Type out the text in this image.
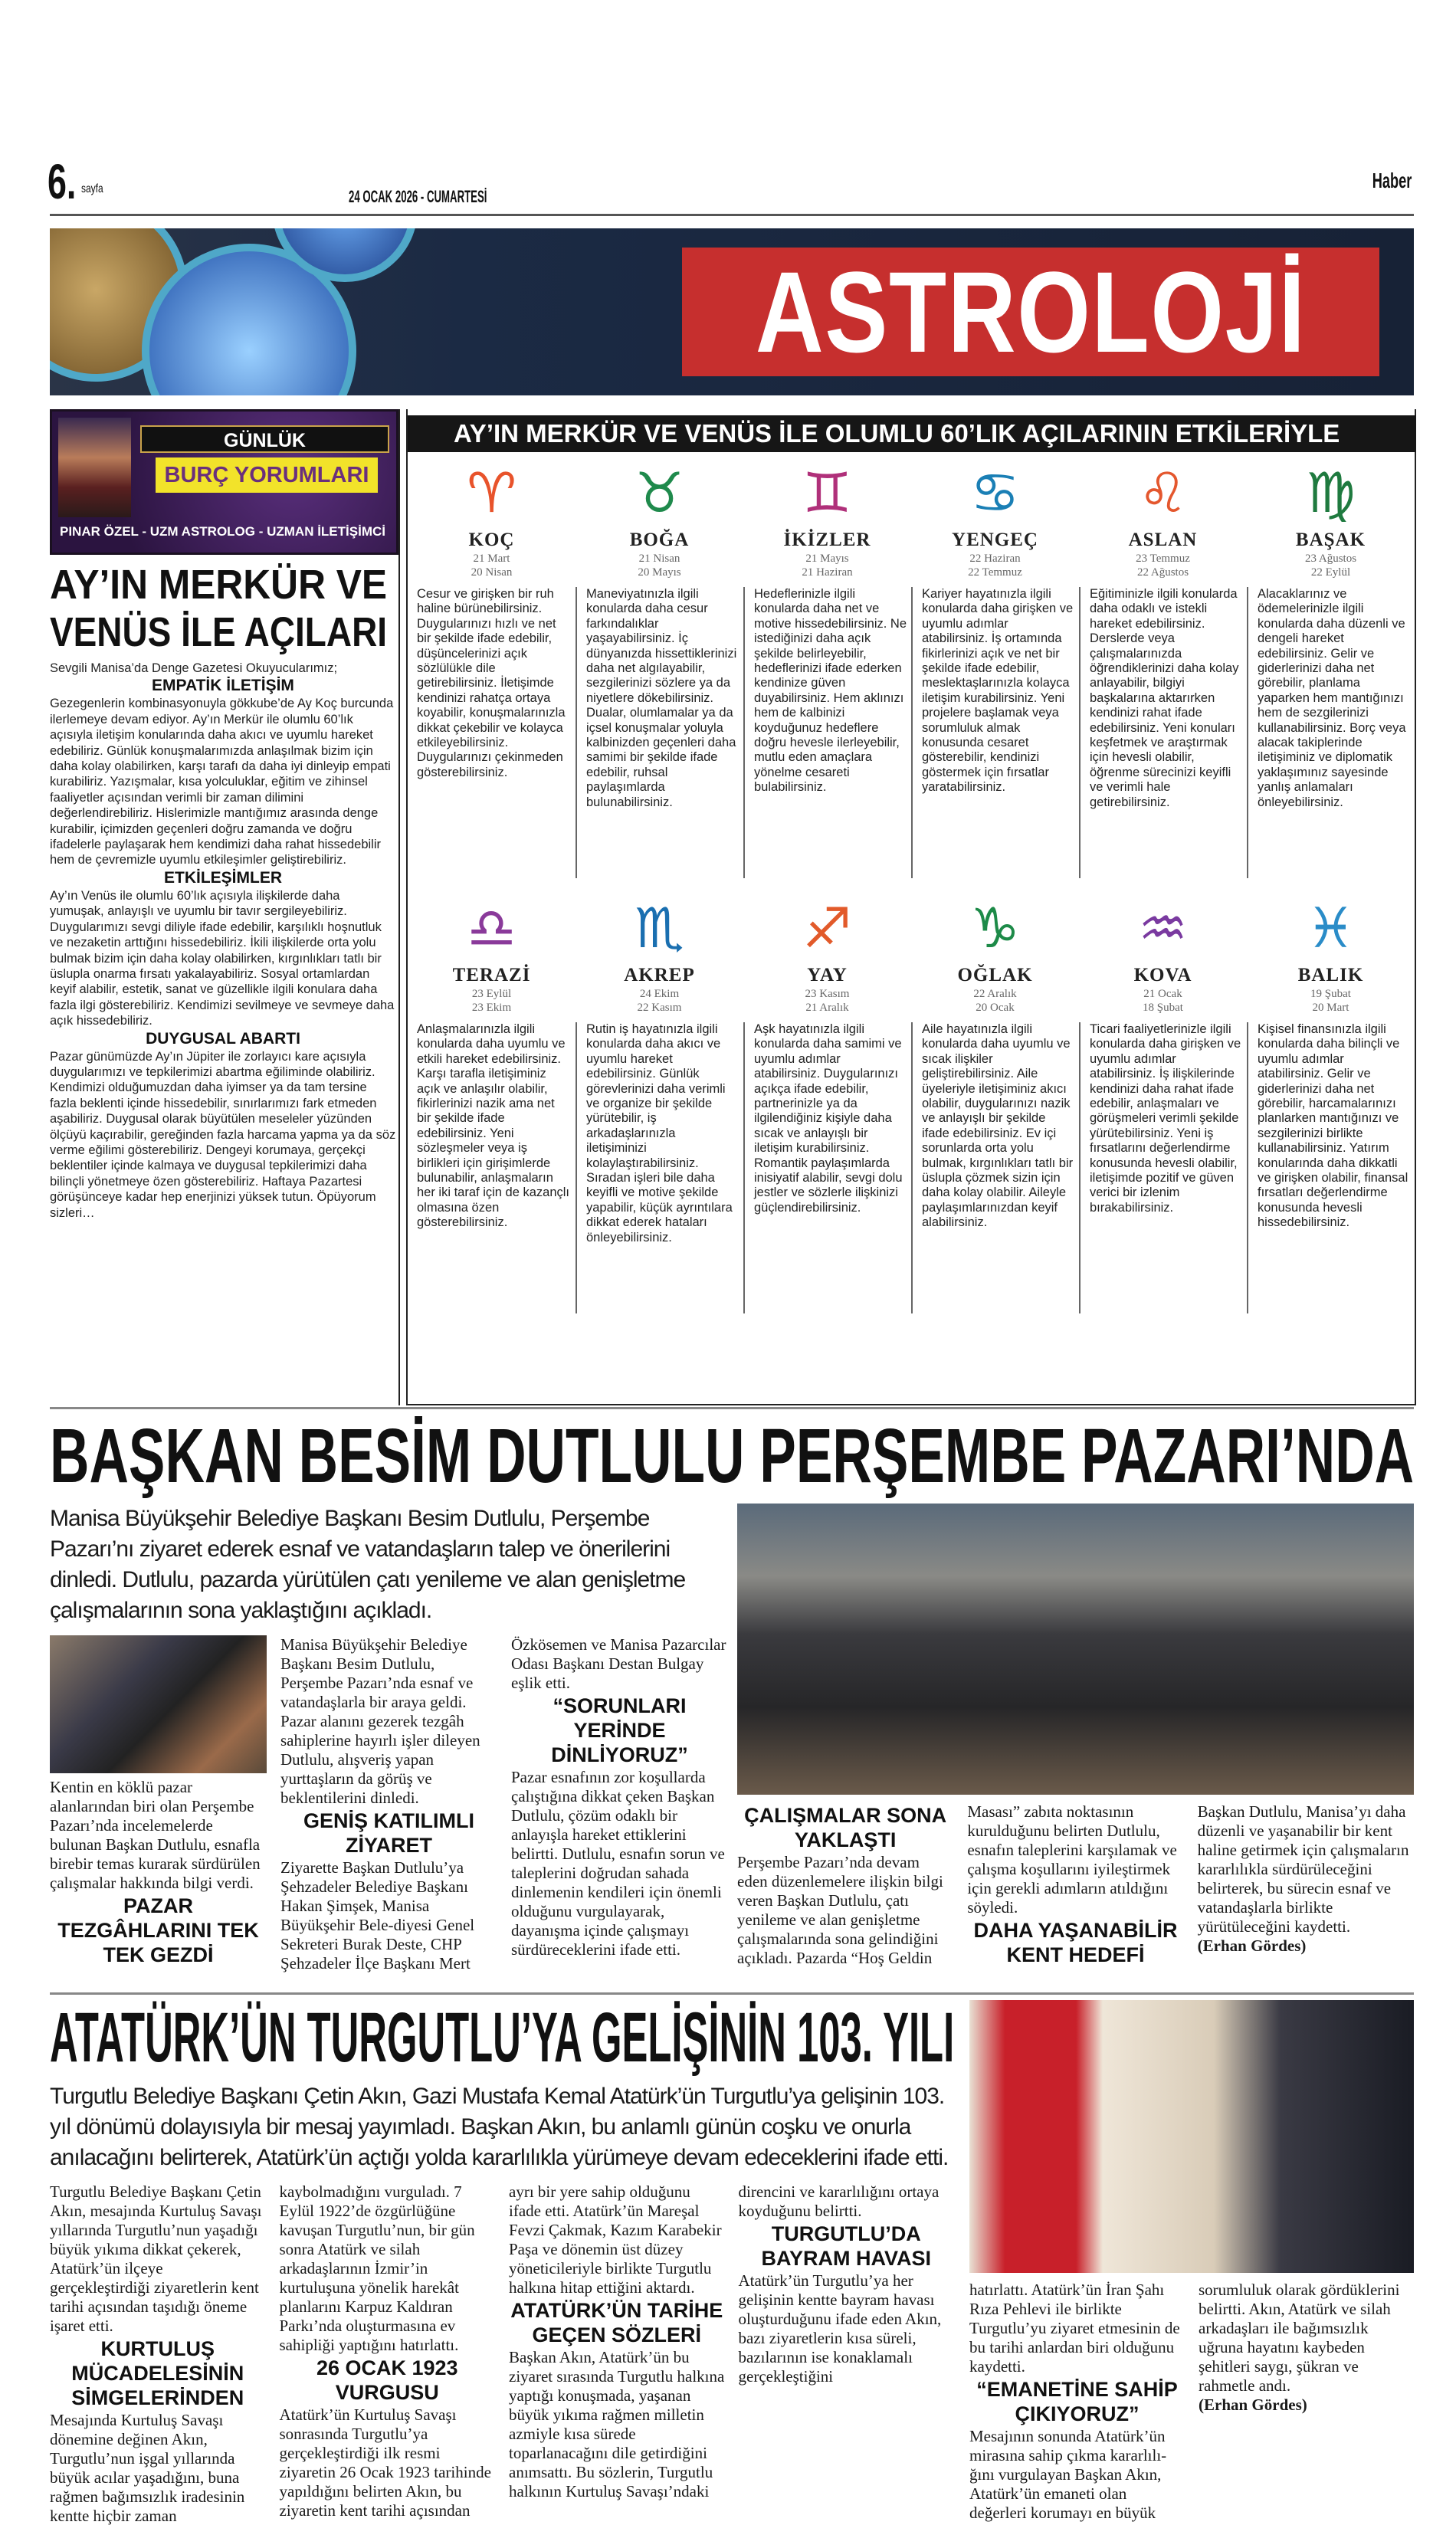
6. sayfa	24 OCAK 2026 - CUMARTESİ
Haber
ASTROLOJİ
GÜNLÜK
BURÇ YORUMLARI
PINAR ÖZEL - UZM ASTROLOG - UZMAN İLETİŞİMCİ
AY’IN MERKÜR VE
VENÜS İLE AÇILARI

Sevgili Manisa’da Denge Gazetesi Okuyucularımız;

EMPATİK İLETİŞİM

Gezegenlerin kombinasyonuyla gökkube’de Ay Koç burcunda ilerlemeye devam ediyor. Ay’ın Merkür ile olumlu 60’lık açısıyla iletişim konularında daha akıcı ve uyumlu hareket edebiliriz. Günlük konuşmalarımızda anlaşılmak bizim için daha kolay olabilirken, karşı tarafı da daha iyi dinleyip empati kurabiliriz. Yazışmalar, kısa yolculuklar, eğitim ve zihinsel faaliyetler açısından verimli bir zaman dilimini değerlendirebiliriz. Hislerimizle mantığımız arasında denge kurabilir, içimizden geçenleri doğru zamanda ve doğru ifadelerle paylaşarak hem kendimizi daha rahat hissedebilir hem de çevremizle uyumlu etkileşimler geliştirebiliriz.

ETKİLEŞİMLER

Ay’ın Venüs ile olumlu 60’lık açısıyla ilişkilerde daha yumuşak, anlayışlı ve uyumlu bir tavır sergileyebiliriz. Duygularımızı sevgi diliyle ifade edebilir, karşılıklı hoşnutluk ve nezaketin arttığını hissedebiliriz. İkili ilişkilerde orta yolu bulmak bizim için daha kolay olabilirken, kırgınlıkları tatlı bir üslupla onarma fırsatı yakalayabiliriz. Sosyal ortamlardan keyif alabilir, estetik, sanat ve güzellikle ilgili konulara daha fazla ilgi gösterebiliriz. Kendimizi sevilmeye ve sevmeye daha açık hissedebiliriz.

DUYGUSAL ABARTI

Pazar günümüzde Ay’ın Jüpiter ile zorlayıcı kare açısıyla duygularımızı ve tepkilerimizi abartma eğiliminde olabiliriz. Kendimizi olduğumuzdan daha iyimser ya da tam tersine fazla beklenti içinde hissedebilir, sınırlarımızı fark etmeden aşabiliriz. Duygusal olarak büyütülen meseleler yüzünden ölçüyü kaçırabilir, gereğinden fazla harcama yapma ya da söz verme eğilimi gösterebiliriz. Dengeyi korumaya, gerçekçi beklentiler içinde kalmaya ve duygusal tepkilerimizi daha bilinçli yönetmeye özen gösterebiliriz. Haftaya Pazartesi görüşünceye kadar hep enerjinizi yüksek tutun. Öpüyorum sizleri…

AY’IN MERKÜR VE VENÜS İLE OLUMLU 60’LIK AÇILARININ ETKİLERİYLE
♈
KOÇ
21 Mart
20 Nisan
Cesur ve girişken bir ruh haline bürünebilirsiniz. Duygularınızı hızlı ve net bir şekilde ifade edebilir, düşüncelerinizi açık sözlülükle dile getirebilirsiniz. İletişimde kendinizi rahatça ortaya koyabilir, konuşmalarınızla dikkat çekebilir ve kolayca etkileyebilirsiniz. Duygularınızı çekinmeden gösterebilirsiniz.
♉
BOĞA
21 Nisan
20 Mayıs
Maneviyatınızla ilgili konularda daha cesur farkındalıklar yaşayabilirsiniz. İç dünyanızda hissettiklerinizi daha net algılayabilir, sezgilerinizi sözlere ya da niyetlere dökebilirsiniz. Dualar, olumlamalar ya da içsel konuşmalar yoluyla kalbinizden geçenleri daha samimi bir şekilde ifade edebilir, ruhsal paylaşımlarda bulunabilirsiniz.
♊
İKİZLER
21 Mayıs
21 Haziran
Hedeflerinizle ilgili konularda daha net ve motive hissedebilirsiniz. Ne istediğinizi daha açık şekilde belirleyebilir, hedeflerinizi ifade ederken kendinize güven duyabilirsiniz. Hem aklınızı hem de kalbinizi koyduğunuz hedeflere doğru hevesle ilerleyebilir, mutlu eden amaçlara yönelme cesareti bulabilirsiniz.
♋
YENGEÇ
22 Haziran
22 Temmuz
Kariyer hayatınızla ilgili konularda daha girişken ve uyumlu adımlar atabilirsiniz. İş ortamında fikirlerinizi açık ve net bir şekilde ifade edebilir, meslektaşlarınızla kolayca iletişim kurabilirsiniz. Yeni projelere başlamak veya sorumluluk almak konusunda cesaret gösterebilir, kendinizi göstermek için fırsatlar yaratabilirsiniz.
♌
ASLAN
23 Temmuz
22 Ağustos
Eğitiminizle ilgili konularda daha odaklı ve istekli hareket edebilirsiniz. Derslerde veya çalışmalarınızda öğrendiklerinizi daha kolay anlayabilir, bilgiyi başkalarına aktarırken kendinizi rahat ifade edebilirsiniz. Yeni konuları keşfetmek ve araştırmak için hevesli olabilir, öğrenme sürecinizi keyifli ve verimli hale getirebilirsiniz.
♍
BAŞAK
23 Ağustos
22 Eylül
Alacaklarınız ve ödemelerinizle ilgili konularda daha düzenli ve dengeli hareket edebilirsiniz. Gelir ve giderlerinizi daha net görebilir, planlama yaparken hem mantığınızı hem de sezgilerinizi kullanabilirsiniz. Borç veya alacak takiplerinde iletişiminiz ve diplomatik yaklaşımınız sayesinde yanlış anlamaları önleyebilirsiniz.
♎
TERAZİ
23 Eylül
23 Ekim
Anlaşmalarınızla ilgili konularda daha uyumlu ve etkili hareket edebilirsiniz. Karşı tarafla iletişiminiz açık ve anlaşılır olabilir, fikirlerinizi nazik ama net bir şekilde ifade edebilirsiniz. Yeni sözleşmeler veya iş birlikleri için girişimlerde bulunabilir, anlaşmaların her iki taraf için de kazançlı olmasına özen gösterebilirsiniz.
♏
AKREP
24 Ekim
22 Kasım
Rutin iş hayatınızla ilgili konularda daha akıcı ve uyumlu hareket edebilirsiniz. Günlük görevlerinizi daha verimli ve organize bir şekilde yürütebilir, iş arkadaşlarınızla iletişiminizi kolaylaştırabilirsiniz. Sıradan işleri bile daha keyifli ve motive şekilde yapabilir, küçük ayrıntılara dikkat ederek hataları önleyebilirsiniz.
♐
YAY
23 Kasım
21 Aralık
Aşk hayatınızla ilgili konularda daha samimi ve uyumlu adımlar atabilirsiniz. Duygularınızı açıkça ifade edebilir, partnerinizle ya da ilgilendiğiniz kişiyle daha sıcak ve anlayışlı bir iletişim kurabilirsiniz. Romantik paylaşımlarda inisiyatif alabilir, sevgi dolu jestler ve sözlerle ilişkinizi güçlendirebilirsiniz.
♑
OĞLAK
22 Aralık
20 Ocak
Aile hayatınızla ilgili konularda daha uyumlu ve sıcak ilişkiler geliştirebilirsiniz. Aile üyeleriyle iletişiminiz akıcı olabilir, duygularınızı nazik ve anlayışlı bir şekilde ifade edebilirsiniz. Ev içi sorunlarda orta yolu bulmak, kırgınlıkları tatlı bir üslupla çözmek sizin için daha kolay olabilir. Aileyle paylaşımlarınızdan keyif alabilirsiniz.
♒
KOVA
21 Ocak
18 Şubat
Ticari faaliyetlerinizle ilgili konularda daha girişken ve uyumlu adımlar atabilirsiniz. İş ilişkilerinde kendinizi daha rahat ifade edebilir, anlaşmaları ve görüşmeleri verimli şekilde yürütebilirsiniz. Yeni iş fırsatlarını değerlendirme konusunda hevesli olabilir, iletişimde pozitif ve güven verici bir izlenim bırakabilirsiniz.
♓
BALIK
19 Şubat
20 Mart
Kişisel finansınızla ilgili konularda daha bilinçli ve uyumlu adımlar atabilirsiniz. Gelir ve giderlerinizi daha net görebilir, harcamalarınızı planlarken mantığınızı ve sezgilerinizi birlikte kullanabilirsiniz. Yatırım konularında daha dikkatli ve girişken olabilir, finansal fırsatları değerlendirme konusunda hevesli hissedebilirsiniz.
BAŞKAN BESİM DUTLULU PERŞEMBE PAZARI’NDA
Manisa Büyükşehir Belediye Başkanı Besim Dutlulu, Perşembe Pazarı’nı ziyaret ederek esnaf ve vatandaşların talep ve önerilerini dinledi. Dutlulu, pazarda yürütülen çatı yenileme ve alan genişletme çalışmalarının sona yaklaştığını açıkladı.

Kentin en köklü pazar alanlarından biri olan Perşembe Pazarı’nda incelemelerde bulunan Başkan Dutlulu, esnafla birebir temas kurarak sürdürülen çalışmalar hakkında bilgi verdi.

PAZAR TEZGÂHLARINI TEK TEK GEZDİ

Manisa Büyükşehir Belediye Başkanı Besim Dutlulu, Perşembe Pazarı’nda esnaf ve vatandaşlarla bir araya geldi. Pazar alanını gezerek tezgâh sahiplerine hayırlı işler dileyen Dutlulu, alışveriş yapan yurttaşların da görüş ve beklentilerini dinledi.

GENİŞ KATILIMLI ZİYARET

Ziyarette Başkan Dutlulu’ya Şehzadeler Belediye Başkanı Hakan Şimşek, Manisa Büyükşehir Bele-diyesi Genel Sekreteri Burak Deste, CHP Şehzadeler İlçe Başkanı Mert Özkösemen ve Manisa Pazarcılar Odası Başkanı Destan Bulgay eşlik etti.

“SORUNLARI YERİNDE DİNLİYORUZ”

Pazar esnafının zor koşullarda çalıştığına dikkat çeken Başkan Dutlulu, çözüm odaklı bir anlayışla hareket ettiklerini belirtti. Dutlulu, esnafın sorun ve taleplerini doğrudan sahada dinlemenin kendileri için önemli olduğunu vurgulayarak, dayanışma içinde çalışmayı sürdüreceklerini ifade etti.

ÇALIŞMALAR SONA YAKLAŞTI

Perşembe Pazarı’nda devam eden düzenlemelere ilişkin bilgi veren Başkan Dutlulu, çatı yenileme ve alan genişletme çalışmalarında sona gelindiğini açıkladı. Pazarda “Hoş Geldin Masası” zabıta noktasının kurulduğunu belirten Dutlulu, esnafın taleplerini karşılamak ve çalışma koşullarını iyileştirmek için gerekli adımların atıldığını söyledi.

DAHA YAŞANABİLİR KENT HEDEFİ

Başkan Dutlulu, Manisa’yı daha düzenli ve yaşanabilir bir kent haline getirmek için çalışmaların kararlılıkla sürdürüleceğini belirterek, bu sürecin esnaf ve vatandaşlarla birlikte yürütüleceğini kaydetti.

(Erhan Gördes)

ATATÜRK’ÜN TURGUTLU’YA GELİŞİNİN 103. YILI
Turgutlu Belediye Başkanı Çetin Akın, Gazi Mustafa Kemal Atatürk’ün Turgutlu’ya gelişinin 103. yıl dönümü dolayısıyla bir mesaj yayımladı. Başkan Akın, bu anlamlı günün coşku ve onurla anılacağını belirterek, Atatürk’ün açtığı yolda kararlılıkla yürümeye devam edeceklerini ifade etti.

Turgutlu Belediye Başkanı Çetin Akın, mesajında Kurtuluş Savaşı yıllarında Turgutlu’nun yaşadığı büyük yıkıma dikkat çekerek, Atatürk’ün ilçeye gerçekleştirdiği ziyaretlerin kent tarihi açısından taşıdığı öneme işaret etti.

KURTULUŞ MÜCADELESİNİN SİMGELERİNDEN

Mesajında Kurtuluş Savaşı dönemine değinen Akın, Turgutlu’nun işgal yıllarında büyük acılar yaşadığını, buna rağmen bağımsızlık iradesinin kentte hiçbir zaman kaybolmadığını vurguladı. 7 Eylül 1922’de özgürlüğüne kavuşan Turgutlu’nun, bir gün sonra Atatürk ve silah arkadaşlarının İzmir’in kurtuluşuna yönelik harekât planlarını Karpuz Kaldıran Parkı’nda oluşturmasına ev sahipliği yaptığını hatırlattı.

26 OCAK 1923 VURGUSU

Atatürk’ün Kurtuluş Savaşı sonrasında Turgutlu’ya gerçekleştirdiği ilk resmi ziyaretin 26 Ocak 1923 tarihinde yapıldığını belirten Akın, bu ziyaretin kent tarihi açısından ayrı bir yere sahip olduğunu ifade etti. Atatürk’ün Mareşal Fevzi Çakmak, Kazım Karabekir Paşa ve dönemin üst düzey yöneticileriyle birlikte Turgutlu halkına hitap ettiğini aktardı.

ATATÜRK’ÜN TARİHE GEÇEN SÖZLERİ

Başkan Akın, Atatürk’ün bu ziyaret sırasında Turgutlu halkına yaptığı konuşmada, yaşanan büyük yıkıma rağmen milletin azmiyle kısa sürede toparlanacağını dile getirdiğini anımsattı. Bu sözlerin, Turgutlu halkının Kurtuluş Savaşı’ndaki direncini ve kararlılığını ortaya koyduğunu belirtti.

TURGUTLU’DA BAYRAM HAVASI

Atatürk’ün Turgutlu’ya her gelişinin kentte bayram havası oluşturduğunu ifade eden Akın, bazı ziyaretlerin kısa süreli, bazılarının ise konaklamalı gerçekleştiğini

hatırlattı. Atatürk’ün İran Şahı Rıza Pehlevi ile birlikte Turgutlu’yu ziyaret etmesinin de bu tarihi anlardan biri olduğunu kaydetti.

“EMANETİNE SAHİP ÇIKIYORUZ”

Mesajının sonunda Atatürk’ün mirasına sahip çıkma kararlılı-ğını vurgulayan Başkan Akın, Atatürk’ün emaneti olan değerleri korumayı en büyük sorumluluk olarak gördüklerini belirtti. Akın, Atatürk ve silah arkadaşları ile bağımsızlık uğruna hayatını kaybeden şehitleri saygı, şükran ve rahmetle andı.

(Erhan Gördes)
